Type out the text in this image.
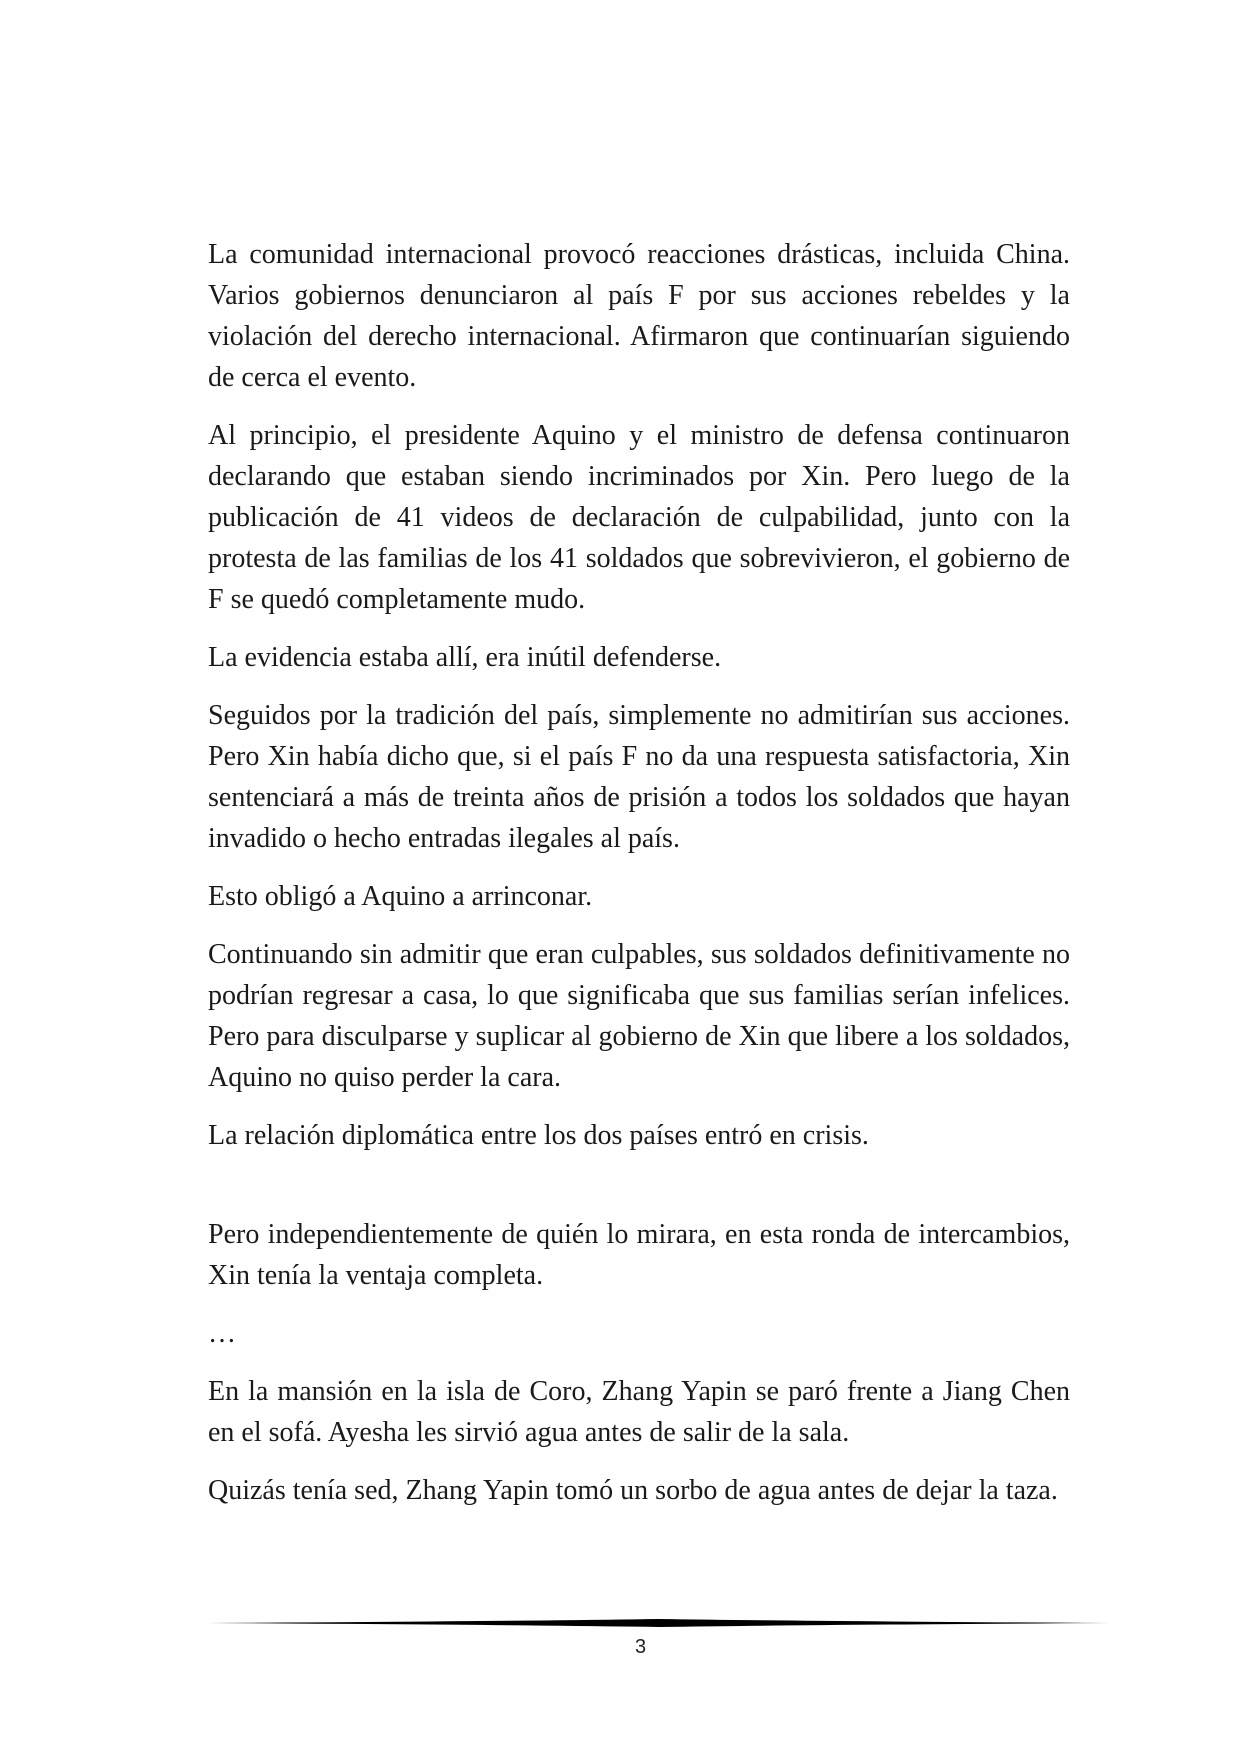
La comunidad internacional provocó reacciones drásticas, incluida China. Varios gobiernos denunciaron al país F por sus acciones rebeldes y la violación del derecho internacional. Afirmaron que continuarían siguiendo de cerca el evento.

Al principio, el presidente Aquino y el ministro de defensa continuaron declarando que estaban siendo incriminados por Xin. Pero luego de la publicación de 41 videos de declaración de culpabilidad, junto con la protesta de las familias de los 41 soldados que sobrevivieron, el gobierno de F se quedó completamente mudo.

La evidencia estaba allí, era inútil defenderse.

Seguidos por la tradición del país, simplemente no admitirían sus acciones. Pero Xin había dicho que, si el país F no da una respuesta satisfactoria, Xin sentenciará a más de treinta años de prisión a todos los soldados que hayan invadido o hecho entradas ilegales al país.

Esto obligó a Aquino a arrinconar.

Continuando sin admitir que eran culpables, sus soldados definitivamente no podrían regresar a casa, lo que significaba que sus familias serían infelices. Pero para disculparse y suplicar al gobierno de Xin que libere a los soldados, Aquino no quiso perder la cara.

La relación diplomática entre los dos países entró en crisis.

Pero independientemente de quién lo mirara, en esta ronda de intercambios, Xin tenía la ventaja completa.

…

En la mansión en la isla de Coro, Zhang Yapin se paró frente a Jiang Chen en el sofá. Ayesha les sirvió agua antes de salir de la sala.

Quizás tenía sed, Zhang Yapin tomó un sorbo de agua antes de dejar la taza.

3
